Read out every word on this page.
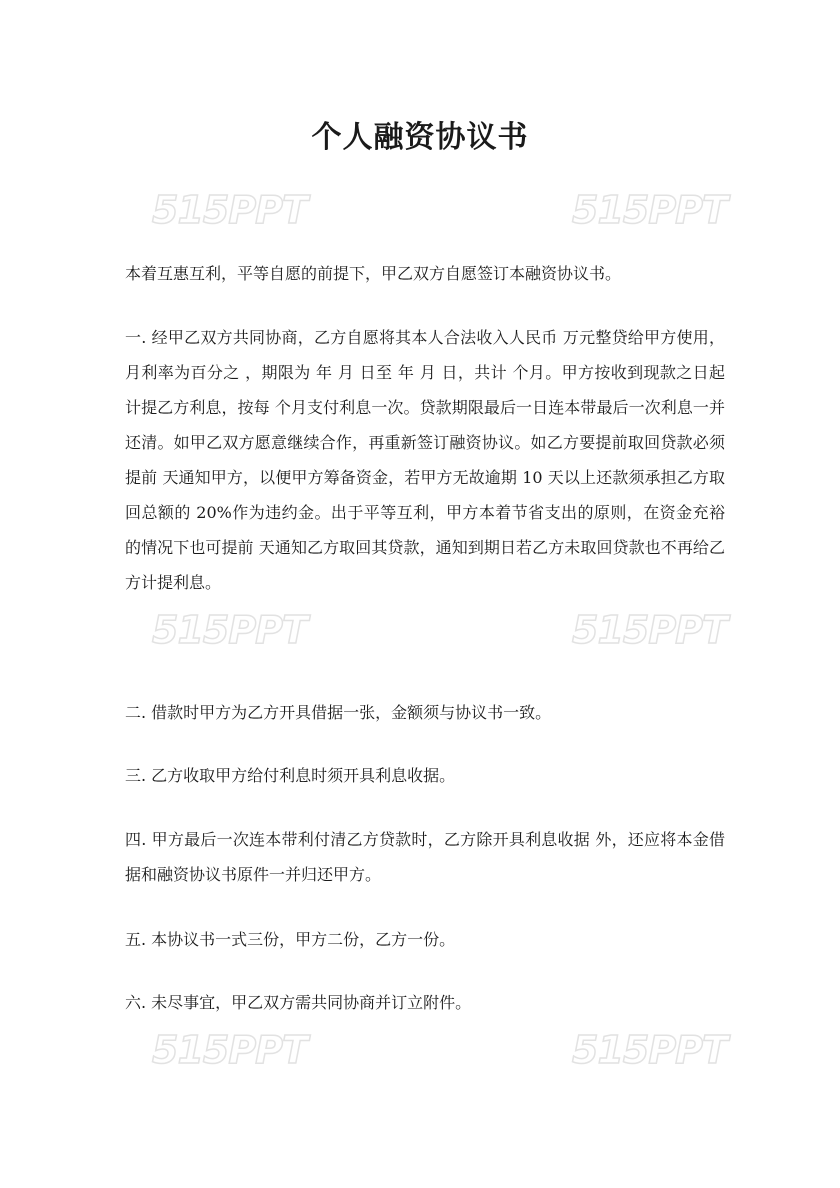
515PPT	515PPT
515PPT	515PPT
515PPT	515PPT
个人融资协议书

本着互惠互利，平等自愿的前提下，甲乙双方自愿签订本融资协议书。

一. 经甲乙双方共同协商，乙方自愿将其本人合法收入人民币 万元整贷给甲方使用，月利率为百分之 ，期限为 年 月 日至 年 月 日，共计 个月。甲方按收到现款之日起计提乙方利息，按每 个月支付利息一次。贷款期限最后一日连本带最后一次利息一并还清。如甲乙双方愿意继续合作，再重新签订融资协议。如乙方要提前取回贷款必须提前 天通知甲方，以便甲方筹备资金，若甲方无故逾期 10 天以上还款须承担乙方取回总额的 20%作为违约金。出于平等互利，甲方本着节省支出的原则，在资金充裕的情况下也可提前 天通知乙方取回其贷款，通知到期日若乙方未取回贷款也不再给乙方计提利息。

二. 借款时甲方为乙方开具借据一张，金额须与协议书一致。

三. 乙方收取甲方给付利息时须开具利息收据。

四. 甲方最后一次连本带利付清乙方贷款时，乙方除开具利息收据 外，还应将本金借据和融资协议书原件一并归还甲方。

五. 本协议书一式三份，甲方二份，乙方一份。

六. 未尽事宜，甲乙双方需共同协商并订立附件。
